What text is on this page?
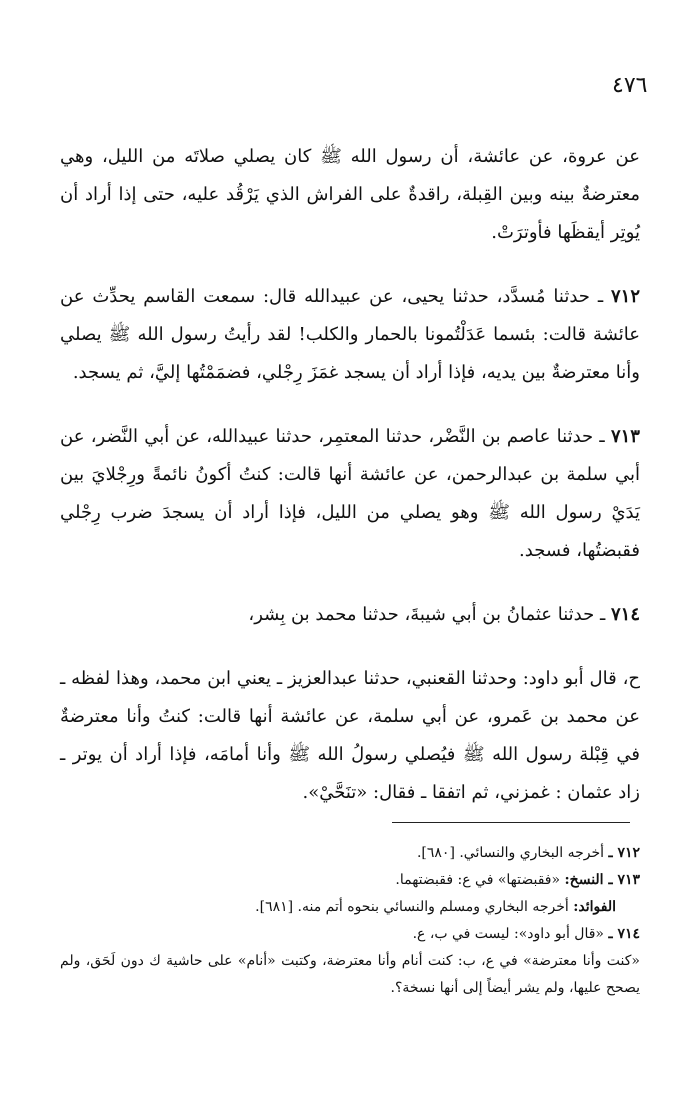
٤٧٦

عن عروة، عن عائشة، أن رسول الله ﷺ كان يصلي صلاتَه من الليل، وهي معترضةٌ بينه وبين القِبلة، راقدةٌ على الفراش الذي يَرْقُد عليه، حتى إذا أراد أن يُوتِر أيقظَها فأوترَتْ.

٧١٢ ـ حدثنا مُسدَّد، حدثنا يحيى، عن عبيدالله قال: سمعت القاسم يحدِّث عن عائشة قالت: بئسما عَدَلْتُمونا بالحمار والكلب! لقد رأيتُ رسول الله ﷺ يصلي وأنا معترضةٌ بين يديه، فإذا أراد أن يسجد غمَزَ رِجْلي، فضمَمْتُها إليَّ، ثم يسجد.

٧١٣ ـ حدثنا عاصم بن النَّضْر، حدثنا المعتمِر، حدثنا عبيدالله، عن أبي النَّضر، عن أبي سلمة بن عبدالرحمن، عن عائشة أنها قالت: كنتُ أكونُ نائمةً ورِجْلايَ بين يَدَيْ رسول الله ﷺ وهو يصلي من الليل، فإذا أراد أن يسجدَ ضرب رِجْلي فقبضتُها، فسجد.

٧١٤ ـ حدثنا عثمانُ بن أبي شيبةَ، حدثنا محمد بن بِشر،

ح، قال أبو داود: وحدثنا القعنبي، حدثنا عبدالعزيز ـ يعني ابن محمد، وهذا لفظه ـ عن محمد بن عَمرو، عن أبي سلمة، عن عائشة أنها قالت: كنتُ وأنا معترضةٌ في قِبْلة رسول الله ﷺ فيُصلي رسولُ الله ﷺ وأنا أمامَه، فإذا أراد أن يوتر ـ زاد عثمان : غمزني، ثم اتفقا ـ فقال: «تنَحَّيْ».

٧١٢ ـ أخرجه البخاري والنسائي. [٦٨٠].

٧١٣ ـ النسخ: «فقبضتها» في ع: فقبضتهما.

الفوائد: أخرجه البخاري ومسلم والنسائي بنحوه أتم منه. [٦٨١].

٧١٤ ـ «قال أبو داود»: ليست في ب، ع.

«كنت وأنا معترضة» في ع، ب: كنت أنام وأنا معترضة، وكتبت «أنام» على حاشية ك دون لَحَق، ولم يصحح عليها، ولم يشر أيضاً إلى أنها نسخة؟.
